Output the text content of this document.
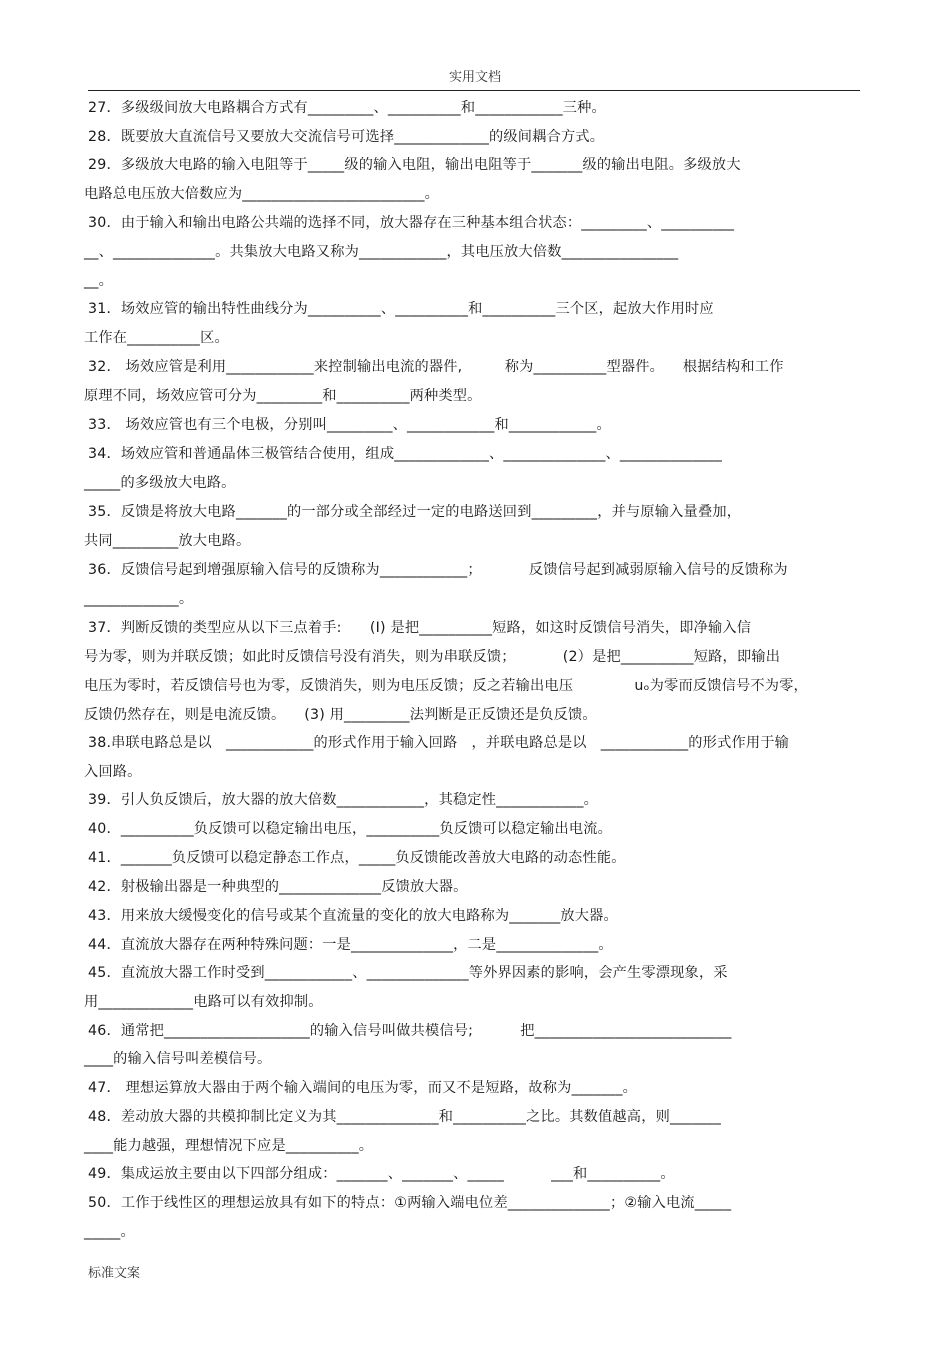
实用文档
27．多级级间放大电路耦合方式有_________、__________和____________三种。
28．既要放大直流信号又要放大交流信号可选择_____________的级间耦合方式。
29．多级放大电路的输入电阻等于_____级的输入电阻，输出电阻等于_______级的输出电阻。多级放大
电路总电压放大倍数应为_________________________。
30．由于输入和输出电路公共端的选择不同，放大器存在三种基本组合状态：_________、__________
__、______________。共集放大电路又称为____________，其电压放大倍数________________
__。
31．场效应管的输出特性曲线分为__________、__________和__________三个区，起放大作用时应
工作在__________区。
32． 场效应管是利用____________来控制输出电流的器件,         称为__________型器件。    根据结构和工作
原理不同，场效应管可分为_________和__________两种类型。
33． 场效应管也有三个电极，分别叫_________、____________和____________。
34．场效应管和普通晶体三极管结合使用，组成_____________、______________、______________
_____的多级放大电路。
35．反馈是将放大电路_______的一部分或全部经过一定的电路送回到_________，并与原输入量叠加，
共同_________放大电路。
36．反馈信号起到增强原输入信号的反馈称为____________；          反馈信号起到减弱原输入信号的反馈称为
_____________。
37．判断反馈的类型应从以下三点着手:      (Ⅰ) 是把__________短路，如这时反馈信号消失，即净输入信
号为零，则为并联反馈；如此时反馈信号没有消失，则为串联反馈；          (2）是把__________短路，即输出
电压为零时，若反馈信号也为零，反馈消失，则为电压反馈；反之若输出电压             uₒ为零而反馈信号不为零，
反馈仍然存在，则是电流反馈。    (3) 用_________法判断是正反馈还是负反馈。
38.串联电路总是以   ____________的形式作用于输入回路   ，并联电路总是以   ____________的形式作用于输
入回路。
39．引人负反馈后，放大器的放大倍数____________，其稳定性____________。
40．__________负反馈可以稳定输出电压，__________负反馈可以稳定输出电流。
41．_______负反馈可以稳定静态工作点，_____负反馈能改善放大电路的动态性能。
42．射极输出器是一种典型的______________反馈放大器。
43．用来放大缓慢变化的信号或某个直流量的变化的放大电路称为_______放大器。
44．直流放大器存在两种特殊问题：一是______________，二是______________。
45．直流放大器工作时受到____________、______________等外界因素的影响，会产生零漂现象，采
用_____________电路可以有效抑制。
46．通常把____________________的输入信号叫做共模信号;          把___________________________
____的输入信号叫差模信号。
47． 理想运算放大器由于两个输入端间的电压为零，而又不是短路，故称为_______。
48．差动放大器的共模抑制比定义为其______________和__________之比。其数值越高，则_______
____能力越强，理想情况下应是__________。
49．集成运放主要由以下四部分组成：_______、_______、_____          ___和__________。
50．工作于线性区的理想运放具有如下的特点：①两输入端电位差______________；②输入电流_____
_____。
标准文案
